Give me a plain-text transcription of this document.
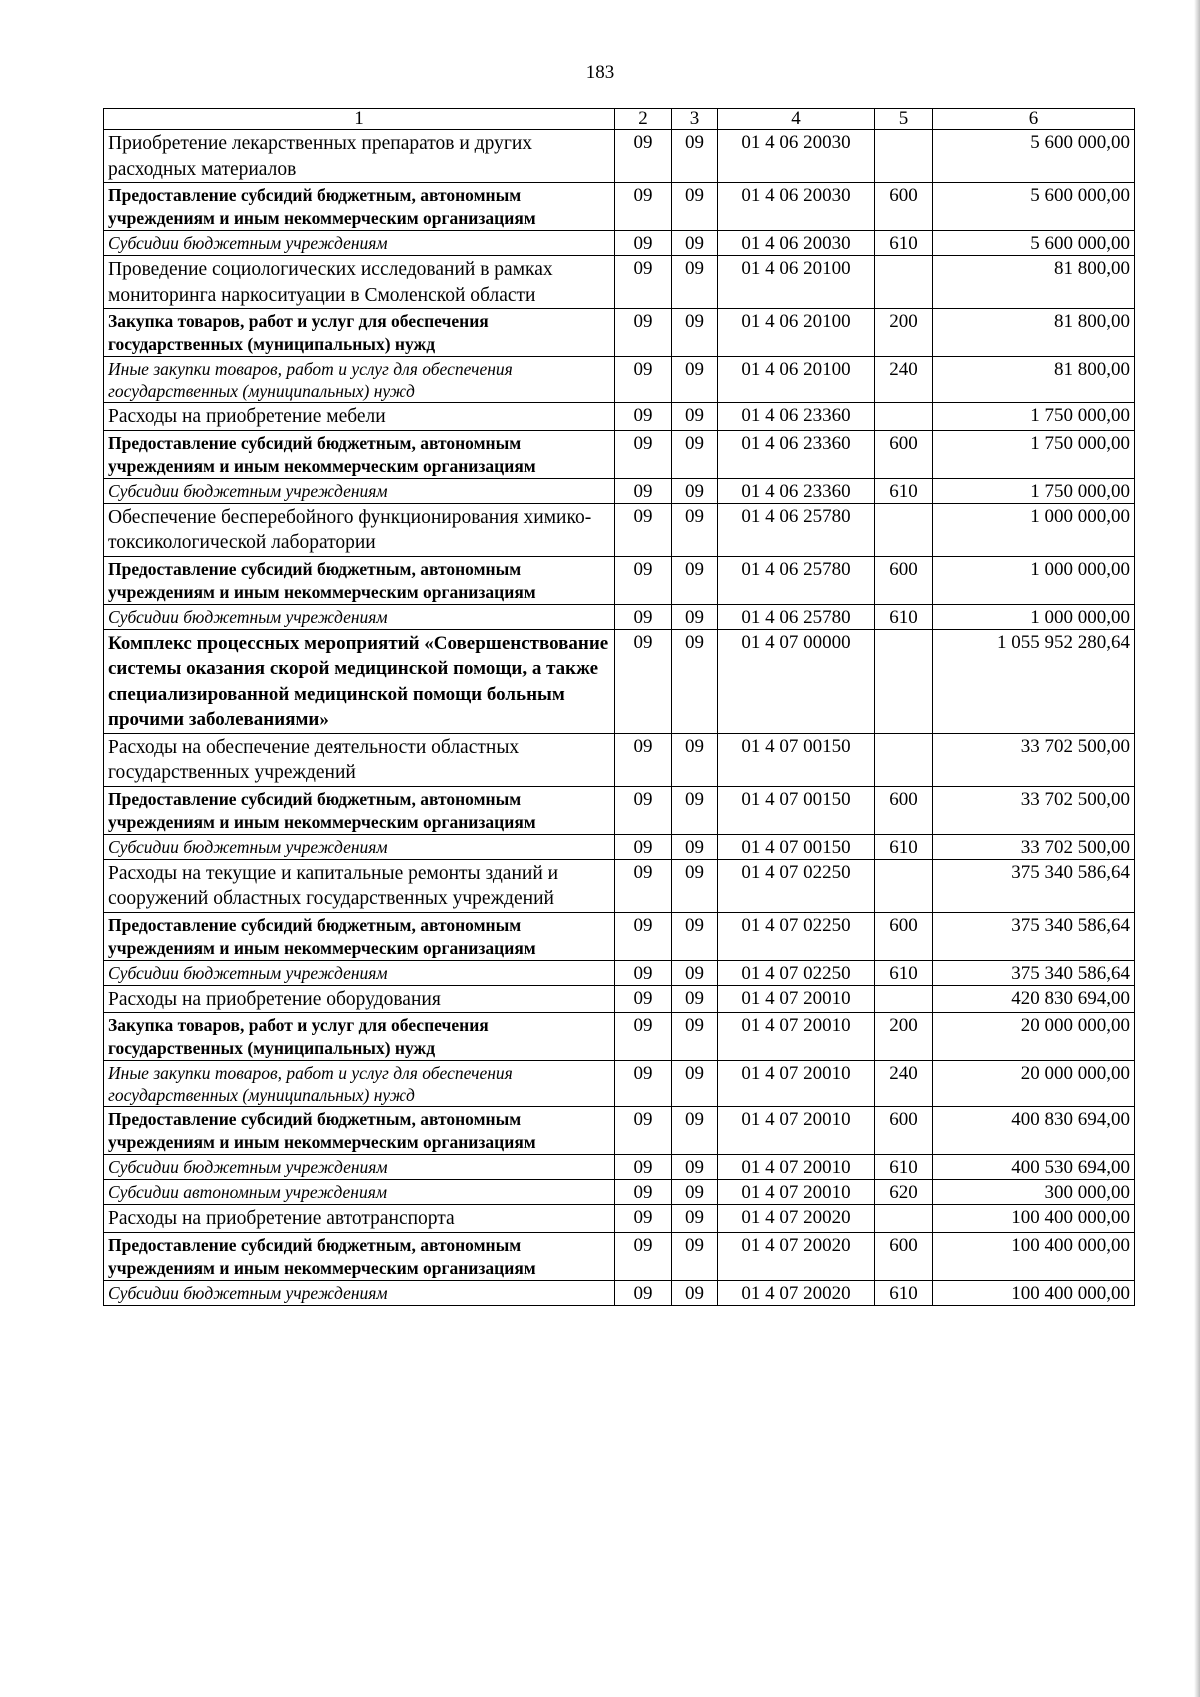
183
1	2	3	4	5	6
Приобретение лекарственных препаратов и других расходных материалов	09	09	01 4 06 20030		5 600 000,00
Предоставление субсидий бюджетным, автономным учреждениям и иным некоммерческим организациям	09	09	01 4 06 20030	600	5 600 000,00
Субсидии бюджетным учреждениям	09	09	01 4 06 20030	610	5 600 000,00
Проведение социологических исследований в рамках мониторинга наркоситуации в Смоленской области	09	09	01 4 06 20100		81 800,00
Закупка товаров, работ и услуг для обеспечения государственных (муниципальных) нужд	09	09	01 4 06 20100	200	81 800,00
Иные закупки товаров, работ и услуг для обеспечения государственных (муниципальных) нужд	09	09	01 4 06 20100	240	81 800,00
Расходы на приобретение мебели	09	09	01 4 06 23360		1 750 000,00
Предоставление субсидий бюджетным, автономным учреждениям и иным некоммерческим организациям	09	09	01 4 06 23360	600	1 750 000,00
Субсидии бюджетным учреждениям	09	09	01 4 06 23360	610	1 750 000,00
Обеспечение бесперебойного функционирования химико-токсикологической лаборатории	09	09	01 4 06 25780		1 000 000,00
Предоставление субсидий бюджетным, автономным учреждениям и иным некоммерческим организациям	09	09	01 4 06 25780	600	1 000 000,00
Субсидии бюджетным учреждениям	09	09	01 4 06 25780	610	1 000 000,00
Комплекс процессных мероприятий «Совершенствование системы оказания скорой медицинской помощи, а также специализированной медицинской помощи больным прочими заболеваниями»	09	09	01 4 07 00000		1 055 952 280,64
Расходы на обеспечение деятельности областных государственных учреждений	09	09	01 4 07 00150		33 702 500,00
Предоставление субсидий бюджетным, автономным учреждениям и иным некоммерческим организациям	09	09	01 4 07 00150	600	33 702 500,00
Субсидии бюджетным учреждениям	09	09	01 4 07 00150	610	33 702 500,00
Расходы на текущие и капитальные ремонты зданий и сооружений областных государственных учреждений	09	09	01 4 07 02250		375 340 586,64
Предоставление субсидий бюджетным, автономным учреждениям и иным некоммерческим организациям	09	09	01 4 07 02250	600	375 340 586,64
Субсидии бюджетным учреждениям	09	09	01 4 07 02250	610	375 340 586,64
Расходы на приобретение оборудования	09	09	01 4 07 20010		420 830 694,00
Закупка товаров, работ и услуг для обеспечения государственных (муниципальных) нужд	09	09	01 4 07 20010	200	20 000 000,00
Иные закупки товаров, работ и услуг для обеспечения государственных (муниципальных) нужд	09	09	01 4 07 20010	240	20 000 000,00
Предоставление субсидий бюджетным, автономным учреждениям и иным некоммерческим организациям	09	09	01 4 07 20010	600	400 830 694,00
Субсидии бюджетным учреждениям	09	09	01 4 07 20010	610	400 530 694,00
Субсидии автономным учреждениям	09	09	01 4 07 20010	620	300 000,00
Расходы на приобретение автотранспорта	09	09	01 4 07 20020		100 400 000,00
Предоставление субсидий бюджетным, автономным учреждениям и иным некоммерческим организациям	09	09	01 4 07 20020	600	100 400 000,00
Субсидии бюджетным учреждениям	09	09	01 4 07 20020	610	100 400 000,00
